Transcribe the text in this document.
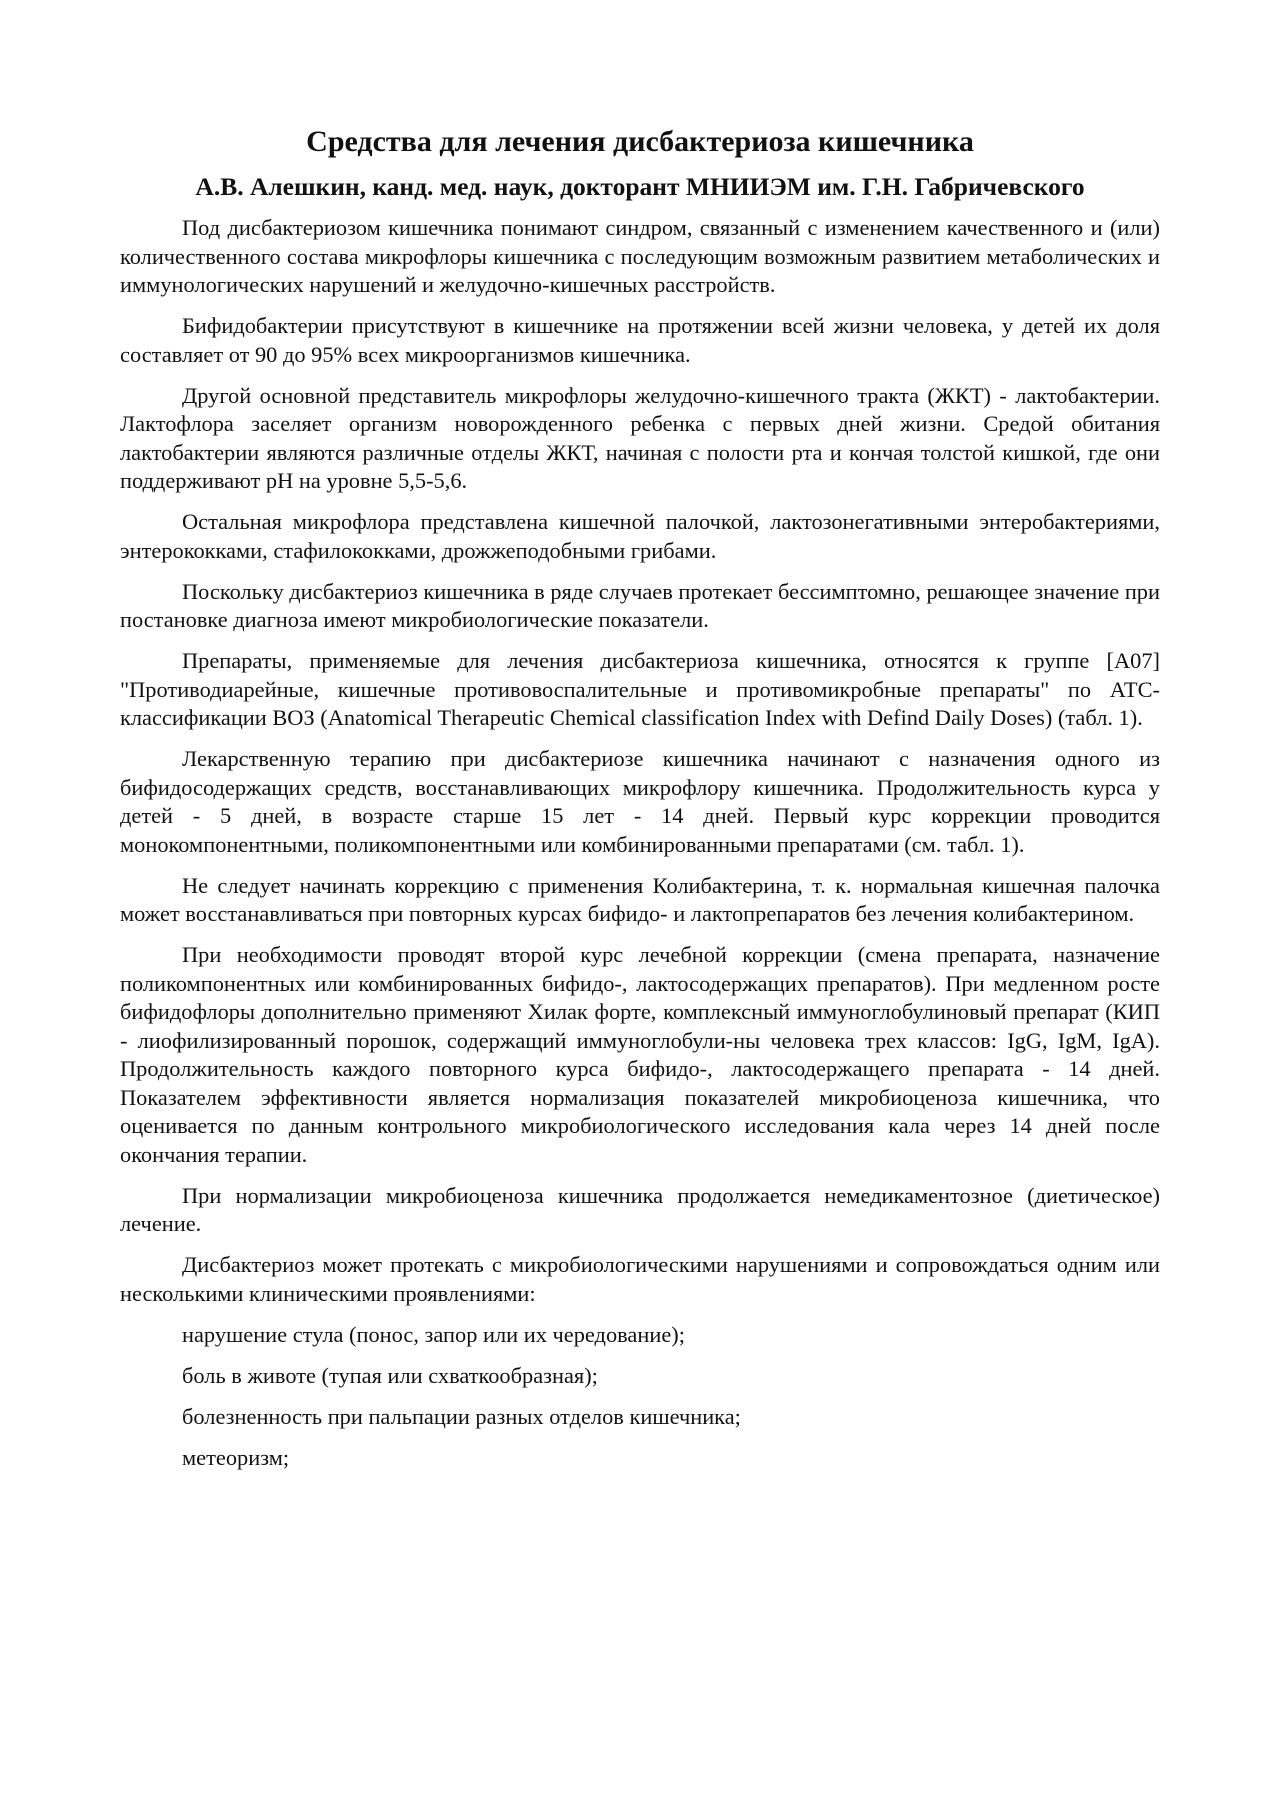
Средства для лечения дисбактериоза кишечника
А.В. Алешкин, канд. мед. наук, докторант МНИИЭМ им. Г.Н. Габричевского
Под дисбактериозом кишечника понимают синдром, связанный с изменением качественного и (или) количественного состава микрофлоры кишечника с последующим возможным развитием метаболических и иммунологических нарушений и желудочно-кишечных расстройств.
Бифидобактерии присутствуют в кишечнике на протяжении всей жизни человека, у детей их доля составляет от 90 до 95% всех микроорганизмов кишечника.
Другой основной представитель микрофлоры желудочно-кишечного тракта (ЖКТ) - лактобактерии. Лактофлора заселяет организм новорожденного ребенка с первых дней жизни. Средой обитания лактобактерии являются различные отделы ЖКТ, начиная с полости рта и кончая толстой кишкой, где они поддерживают pH на уровне 5,5-5,6.
Остальная микрофлора представлена кишечной палочкой, лактозонегативными энтеробактериями, энтерококками, стафилококками, дрожжеподобными грибами.
Поскольку дисбактериоз кишечника в ряде случаев протекает бессимптомно, решающее значение при постановке диагноза имеют микробиологические показатели.
Препараты, применяемые для лечения дисбактериоза кишечника, относятся к группе [A07] "Противодиарейные, кишечные противовоспалительные и противомикробные препараты" по АТС-классификации ВОЗ (Anatomical Therapeutic Chemical classification Index with Defind Daily Doses) (табл. 1).
Лекарственную терапию при дисбактериозе кишечника начинают с назначения одного из бифидосодержащих средств, восстанавливающих микрофлору кишечника. Продолжительность курса у детей - 5 дней, в возрасте старше 15 лет - 14 дней. Первый курс коррекции проводится монокомпонентными, поликомпонентными или комбинированными препаратами (см. табл. 1).
Не следует начинать коррекцию с применения Колибактерина, т. к. нормальная кишечная палочка может восстанавливаться при повторных курсах бифидо- и лактопрепаратов без лечения колибактерином.
При необходимости проводят второй курс лечебной коррекции (смена препарата, назначение поликомпонентных или комбинированных бифидо-, лактосодержащих препаратов). При медленном росте бифидофлоры дополнительно применяют Хилак форте, комплексный иммуноглобулиновый препарат (КИП - лиофилизированный порошок, содержащий иммуноглобули-ны человека трех классов: IgG, IgM, IgA). Продолжительность каждого повторного курса бифидо-, лактосодержащего препарата - 14 дней. Показателем эффективности является нормализация показателей микробиоценоза кишечника, что оценивается по данным контрольного микробиологического исследования кала через 14 дней после окончания терапии.
При нормализации микробиоценоза кишечника продолжается немедикаментозное (диетическое) лечение.
Дисбактериоз может протекать с микробиологическими нарушениями и сопровождаться одним или несколькими клиническими проявлениями:
нарушение стула (понос, запор или их чередование);
боль в животе (тупая или схваткообразная);
болезненность при пальпации разных отделов кишечника;
метеоризм;
